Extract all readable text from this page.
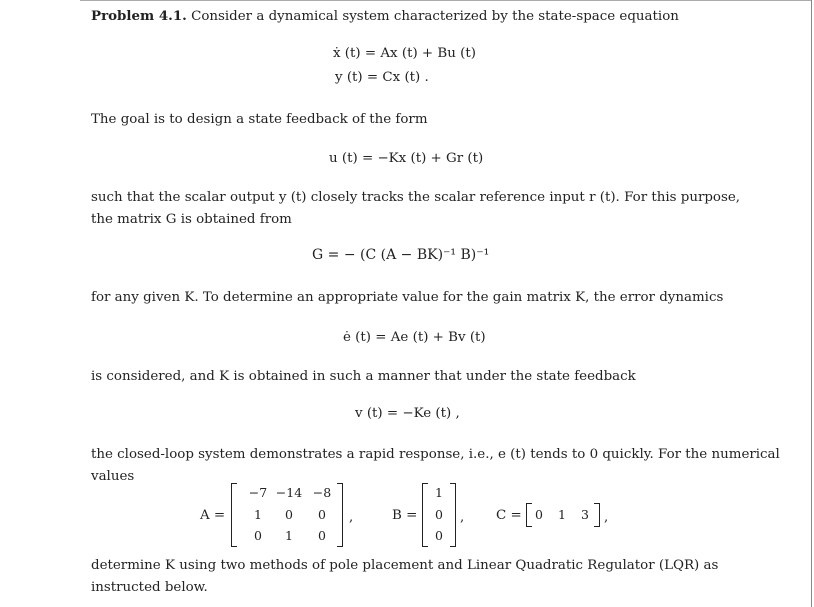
Problem 4.1. Consider a dynamical system characterized by the state-space equation
ẋ (t) = Ax (t) + Bu (t)
y (t) = Cx (t) .
The goal is to design a state feedback of the form
u (t) = −Kx (t) + Gr (t)
such that the scalar output y (t) closely tracks the scalar reference input r (t). For this purpose,
the matrix G is obtained from
G = − (C (A − BK)⁻¹ B)⁻¹
for any given K. To determine an appropriate value for the gain matrix K, the error dynamics
ė (t) = Ae (t) + Bv (t)
is considered, and K is obtained in such a manner that under the state feedback
v (t) = −Ke (t) ,
the closed-loop system demonstrates a rapid response, i.e., e (t) tends to 0 quickly. For the numerical
values
A =
−7 −14 −8
1	0	0
0	1	0
,	B =
1
0
0
, C =	0	1	3	,
determine K using two methods of pole placement and Linear Quadratic Regulator (LQR) as
instructed below.
